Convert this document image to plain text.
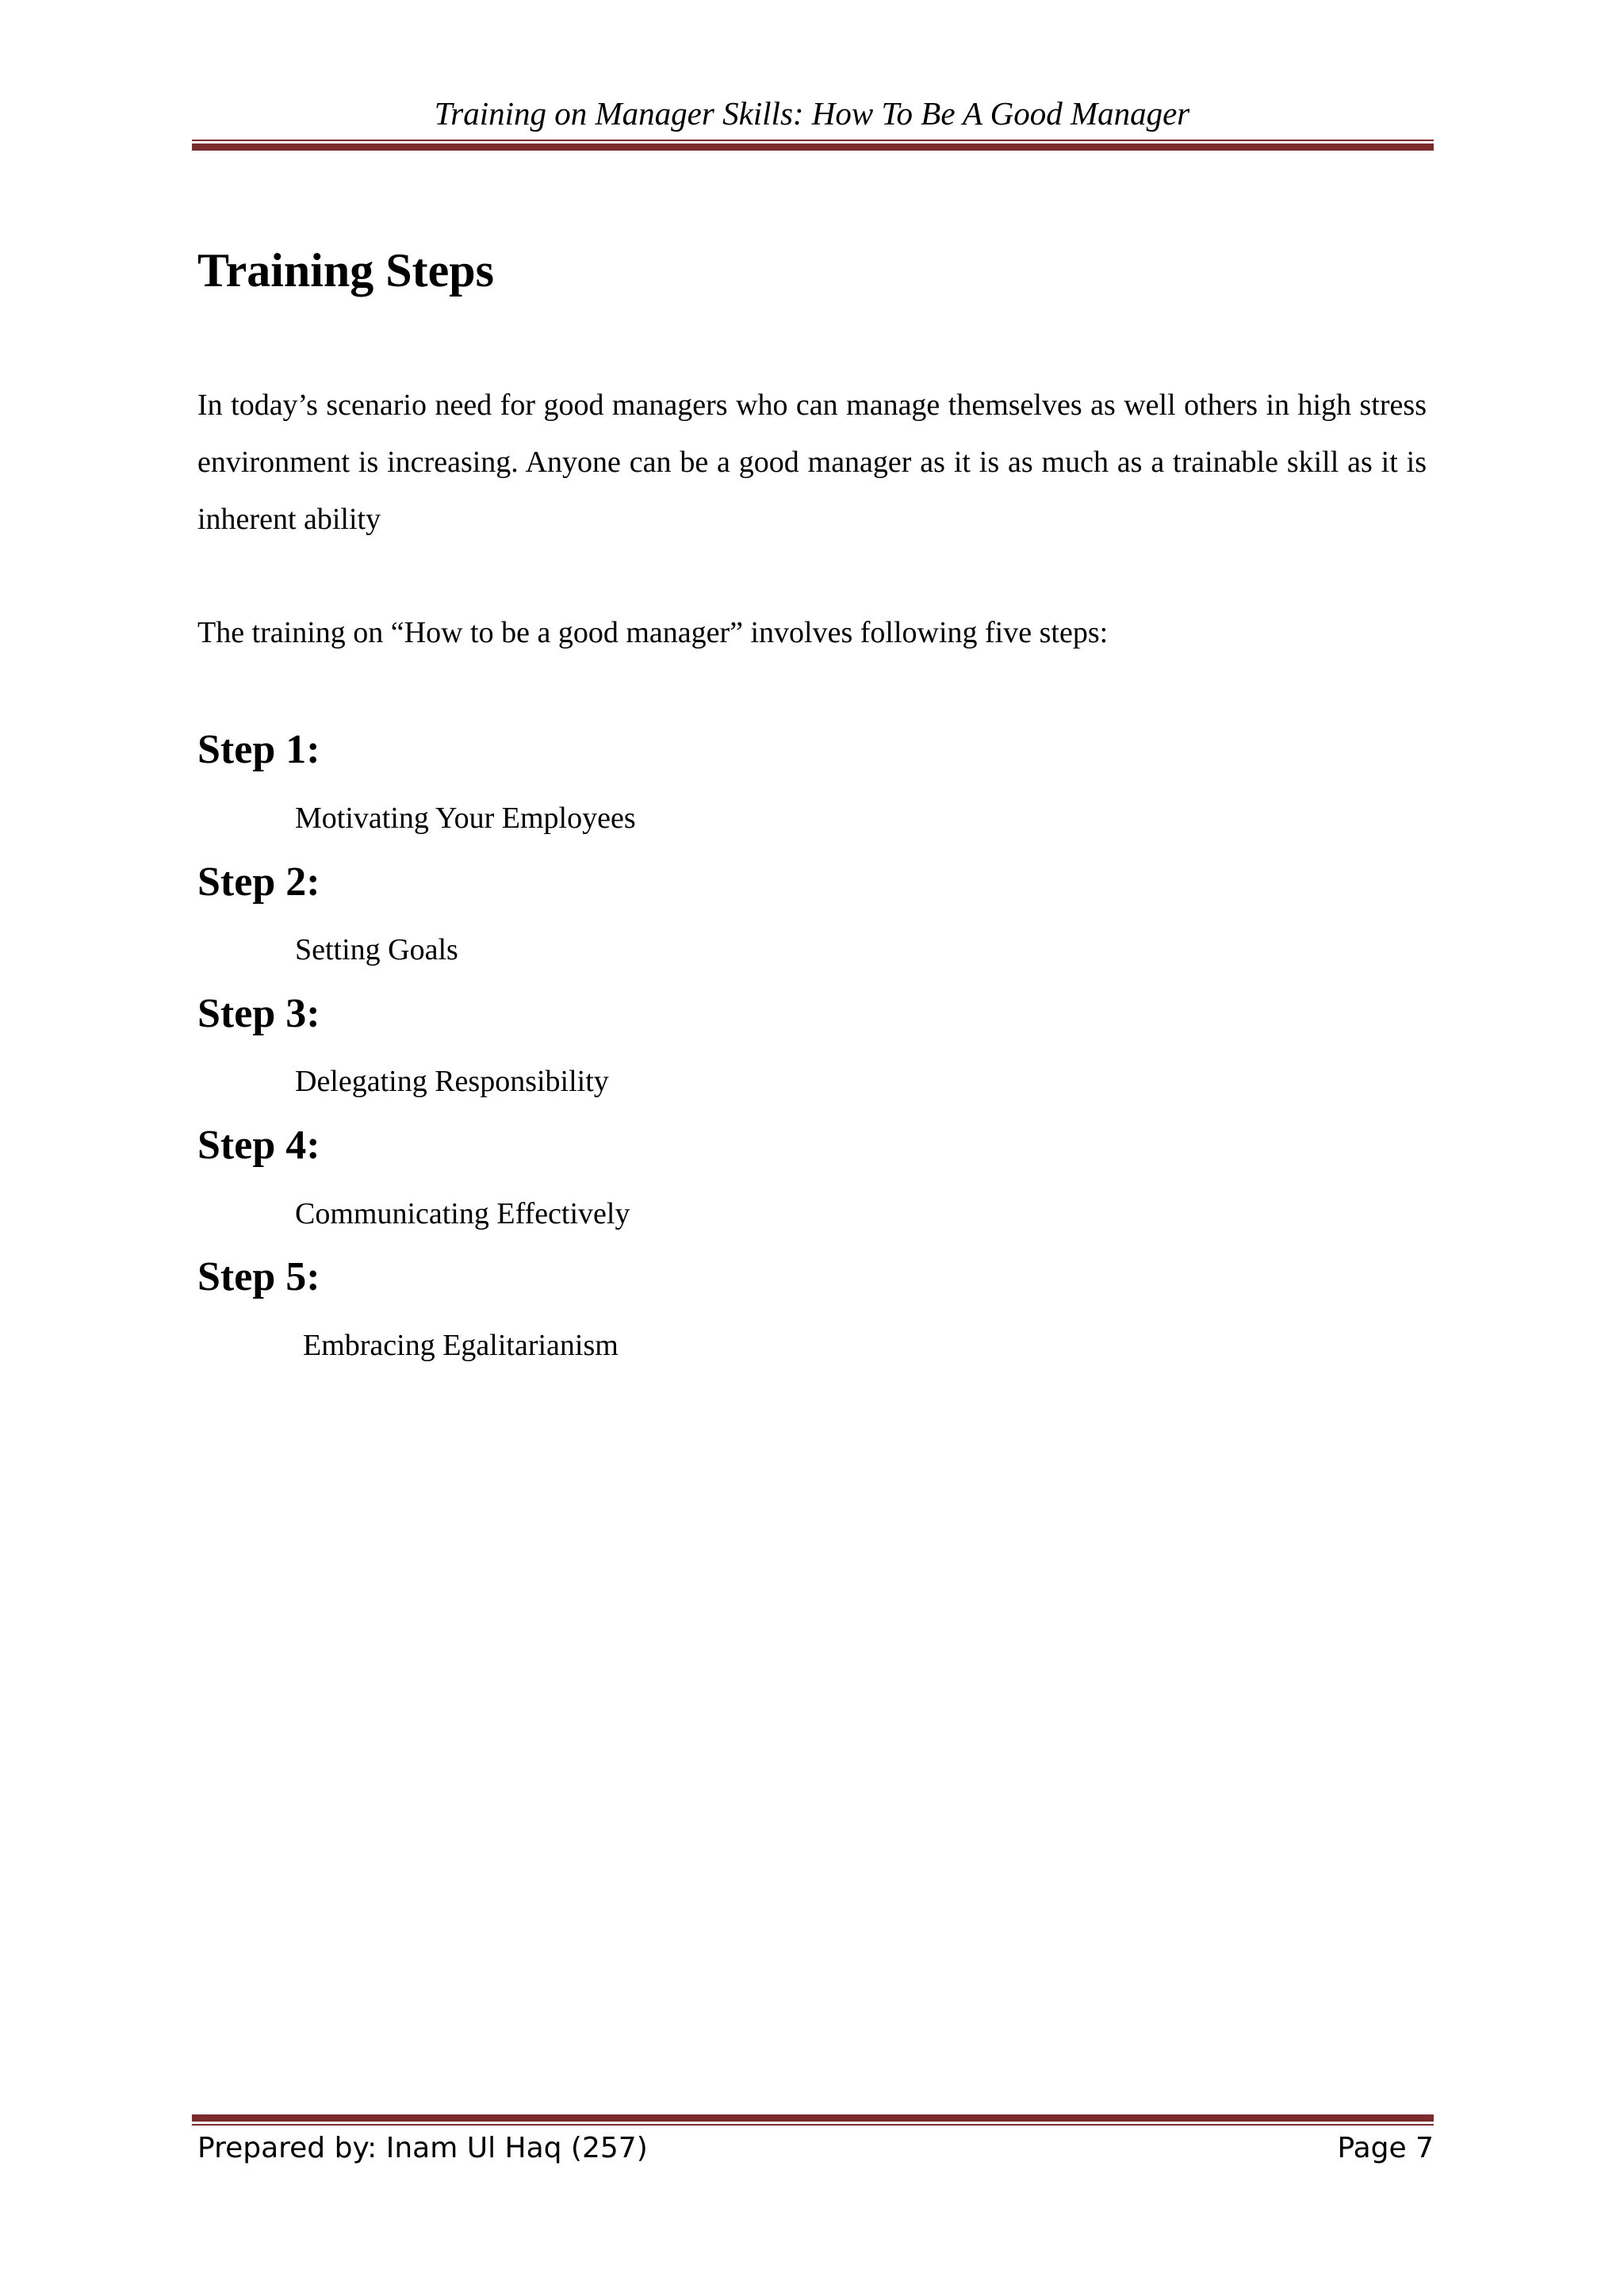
Training on Manager Skills: How To Be A Good Manager
Training Steps

In today’s scenario need for good managers who can manage themselves as well others in high stress environment is increasing. Anyone can be a good manager as it is as much as a trainable skill as it is inherent ability

The training on “How to be a good manager” involves following five steps:

Step 1:

Motivating Your Employees

Step 2:

Setting Goals

Step 3:

Delegating Responsibility

Step 4:

Communicating Effectively

Step 5:

Embracing Egalitarianism

Prepared by: Inam Ul Haq (257)	Page 7
